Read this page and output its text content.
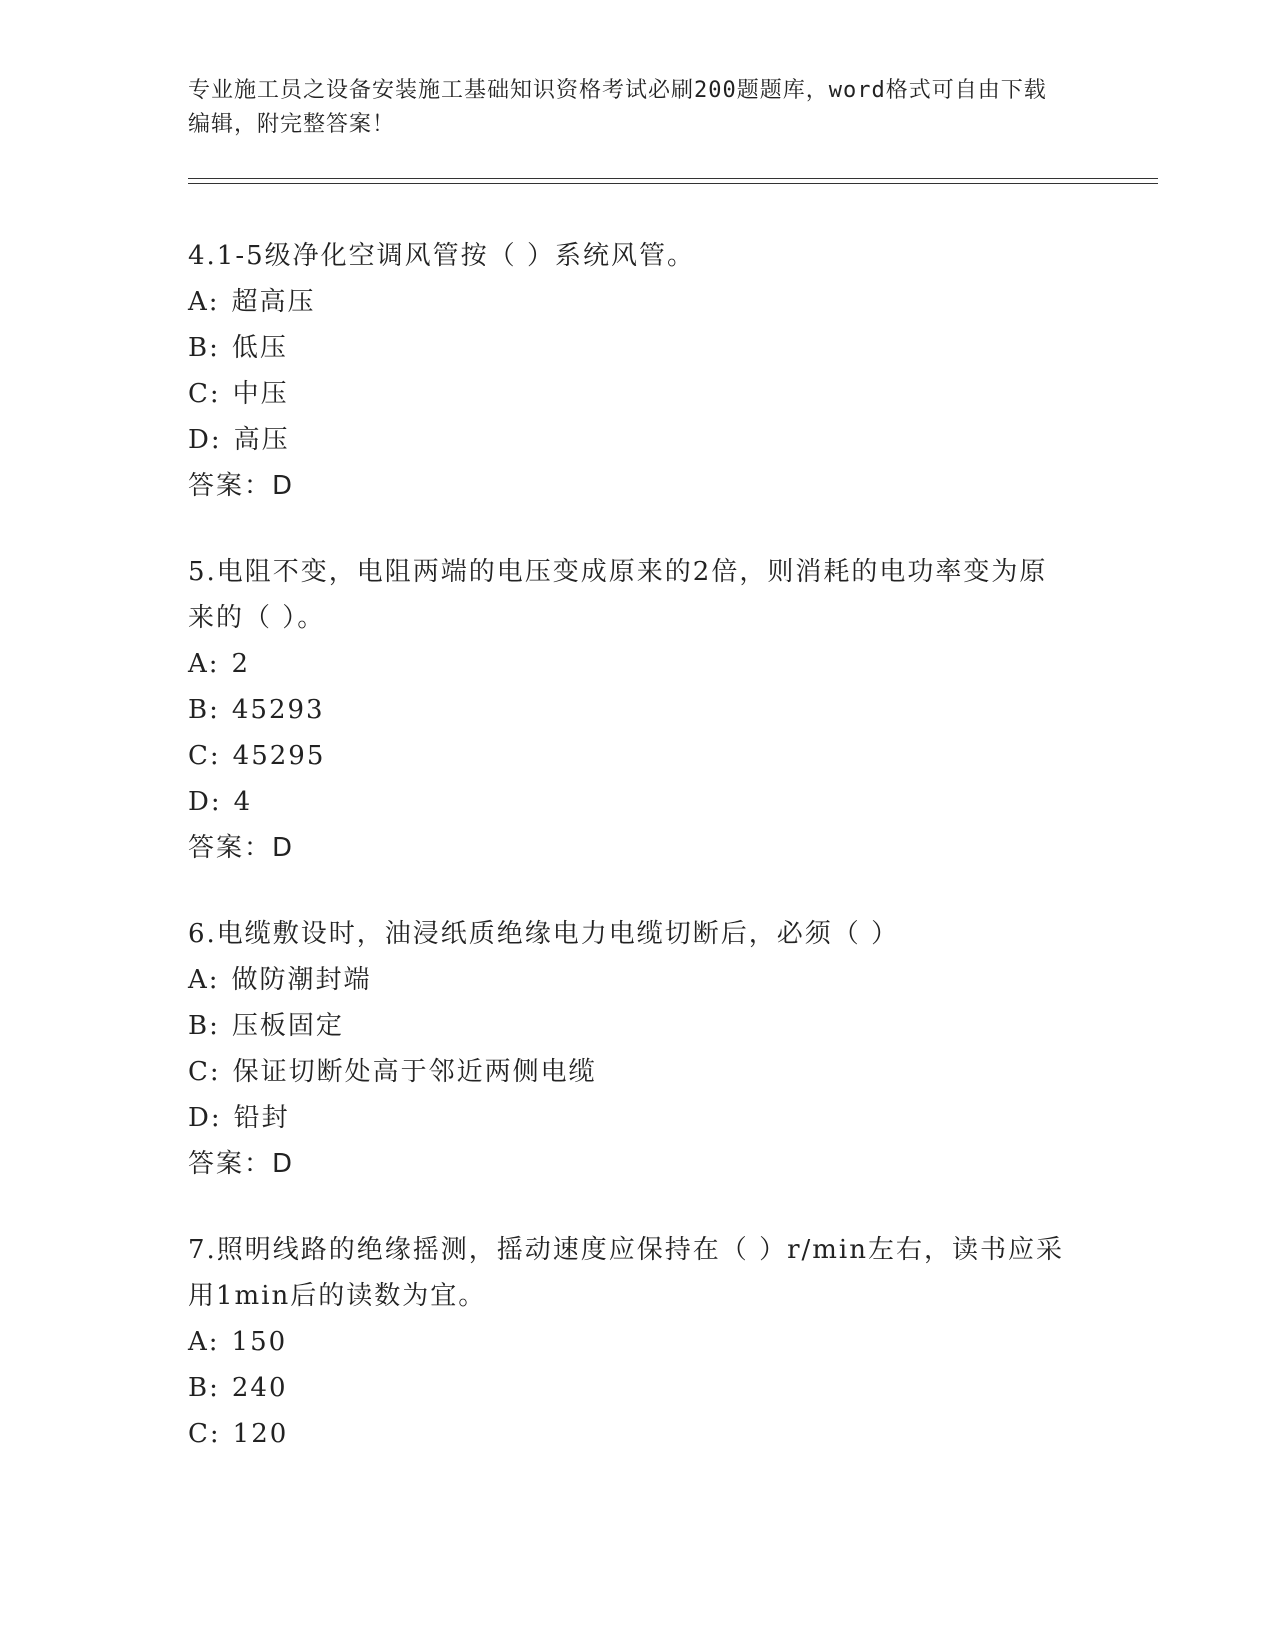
专业施工员之设备安装施工基础知识资格考试必刷200题题库，word格式可自由下载编辑，附完整答案！
4.1-5级净化空调风管按（ ）系统风管。
A: 超高压
B: 低压
C: 中压
D: 高压
答案：D
5.电阻不变，电阻两端的电压变成原来的2倍，则消耗的电功率变为原来的（ ）。
A: 2
B: 45293
C: 45295
D: 4
答案：D
6.电缆敷设时，油浸纸质绝缘电力电缆切断后，必须（ ）
A: 做防潮封端
B: 压板固定
C: 保证切断处高于邻近两侧电缆
D: 铅封
答案：D
7.照明线路的绝缘摇测，摇动速度应保持在（ ）r/min左右，读书应采用1min后的读数为宜。
A: 150
B: 240
C: 120
